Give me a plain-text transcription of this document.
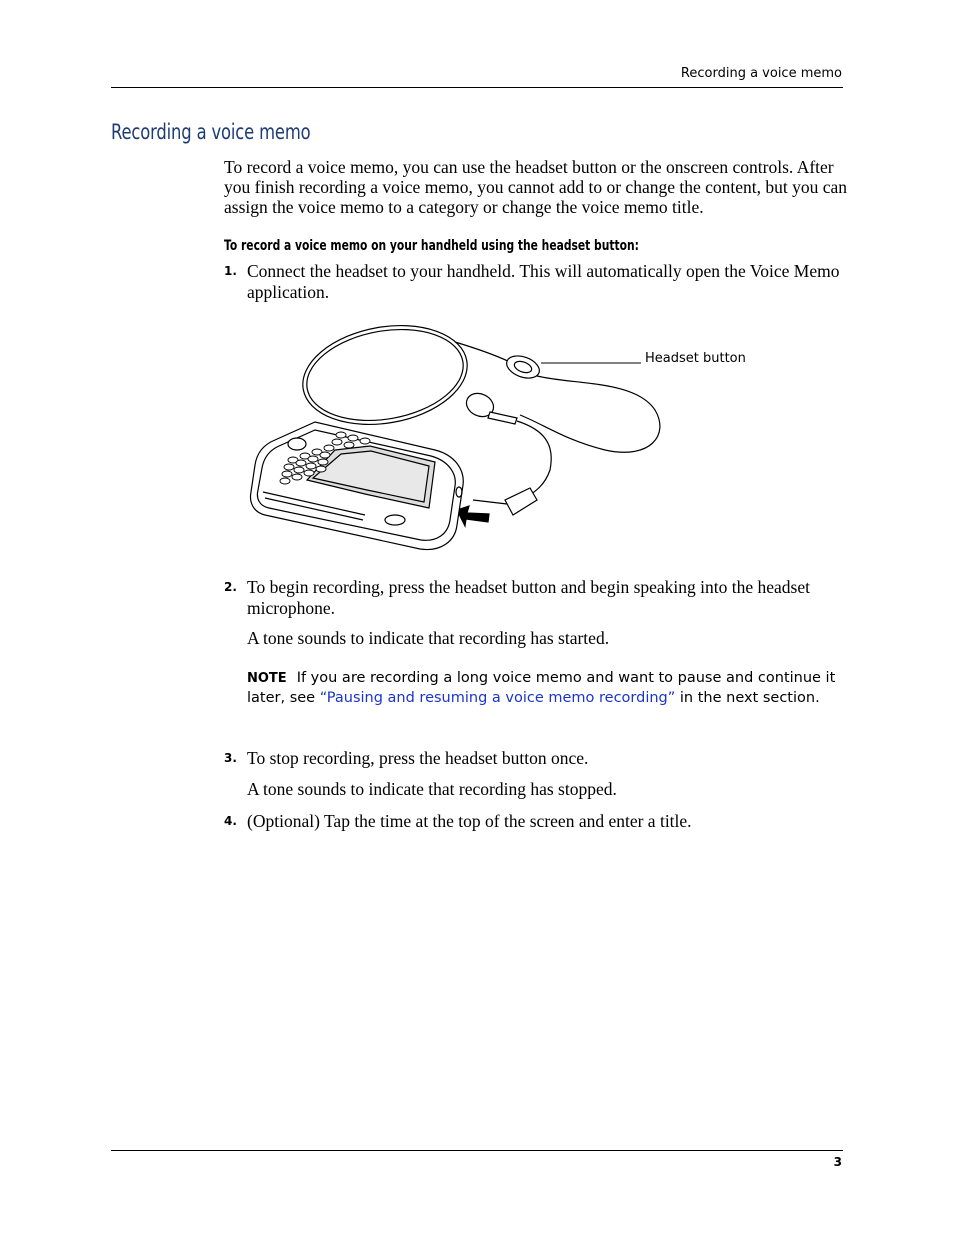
Recording a voice memo
Recording a voice memo

To record a voice memo, you can use the headset button or the onscreen controls. After you finish recording a voice memo, you cannot add to or change the content, but you can assign the voice memo to a category or change the voice memo title.

To record a voice memo on your handheld using the headset button:

1. Connect the headset to your handheld. This will automatically open the Voice Memo application.
Headset button
2. To begin recording, press the headset button and begin speaking into the headset microphone.

A tone sounds to indicate that recording has started.

NOTE If you are recording a long voice memo and want to pause and continue it later, see “Pausing and resuming a voice memo recording” in the next section.

3. To stop recording, press the headset button once.

A tone sounds to indicate that recording has stopped.

4. (Optional) Tap the time at the top of the screen and enter a title.
3
